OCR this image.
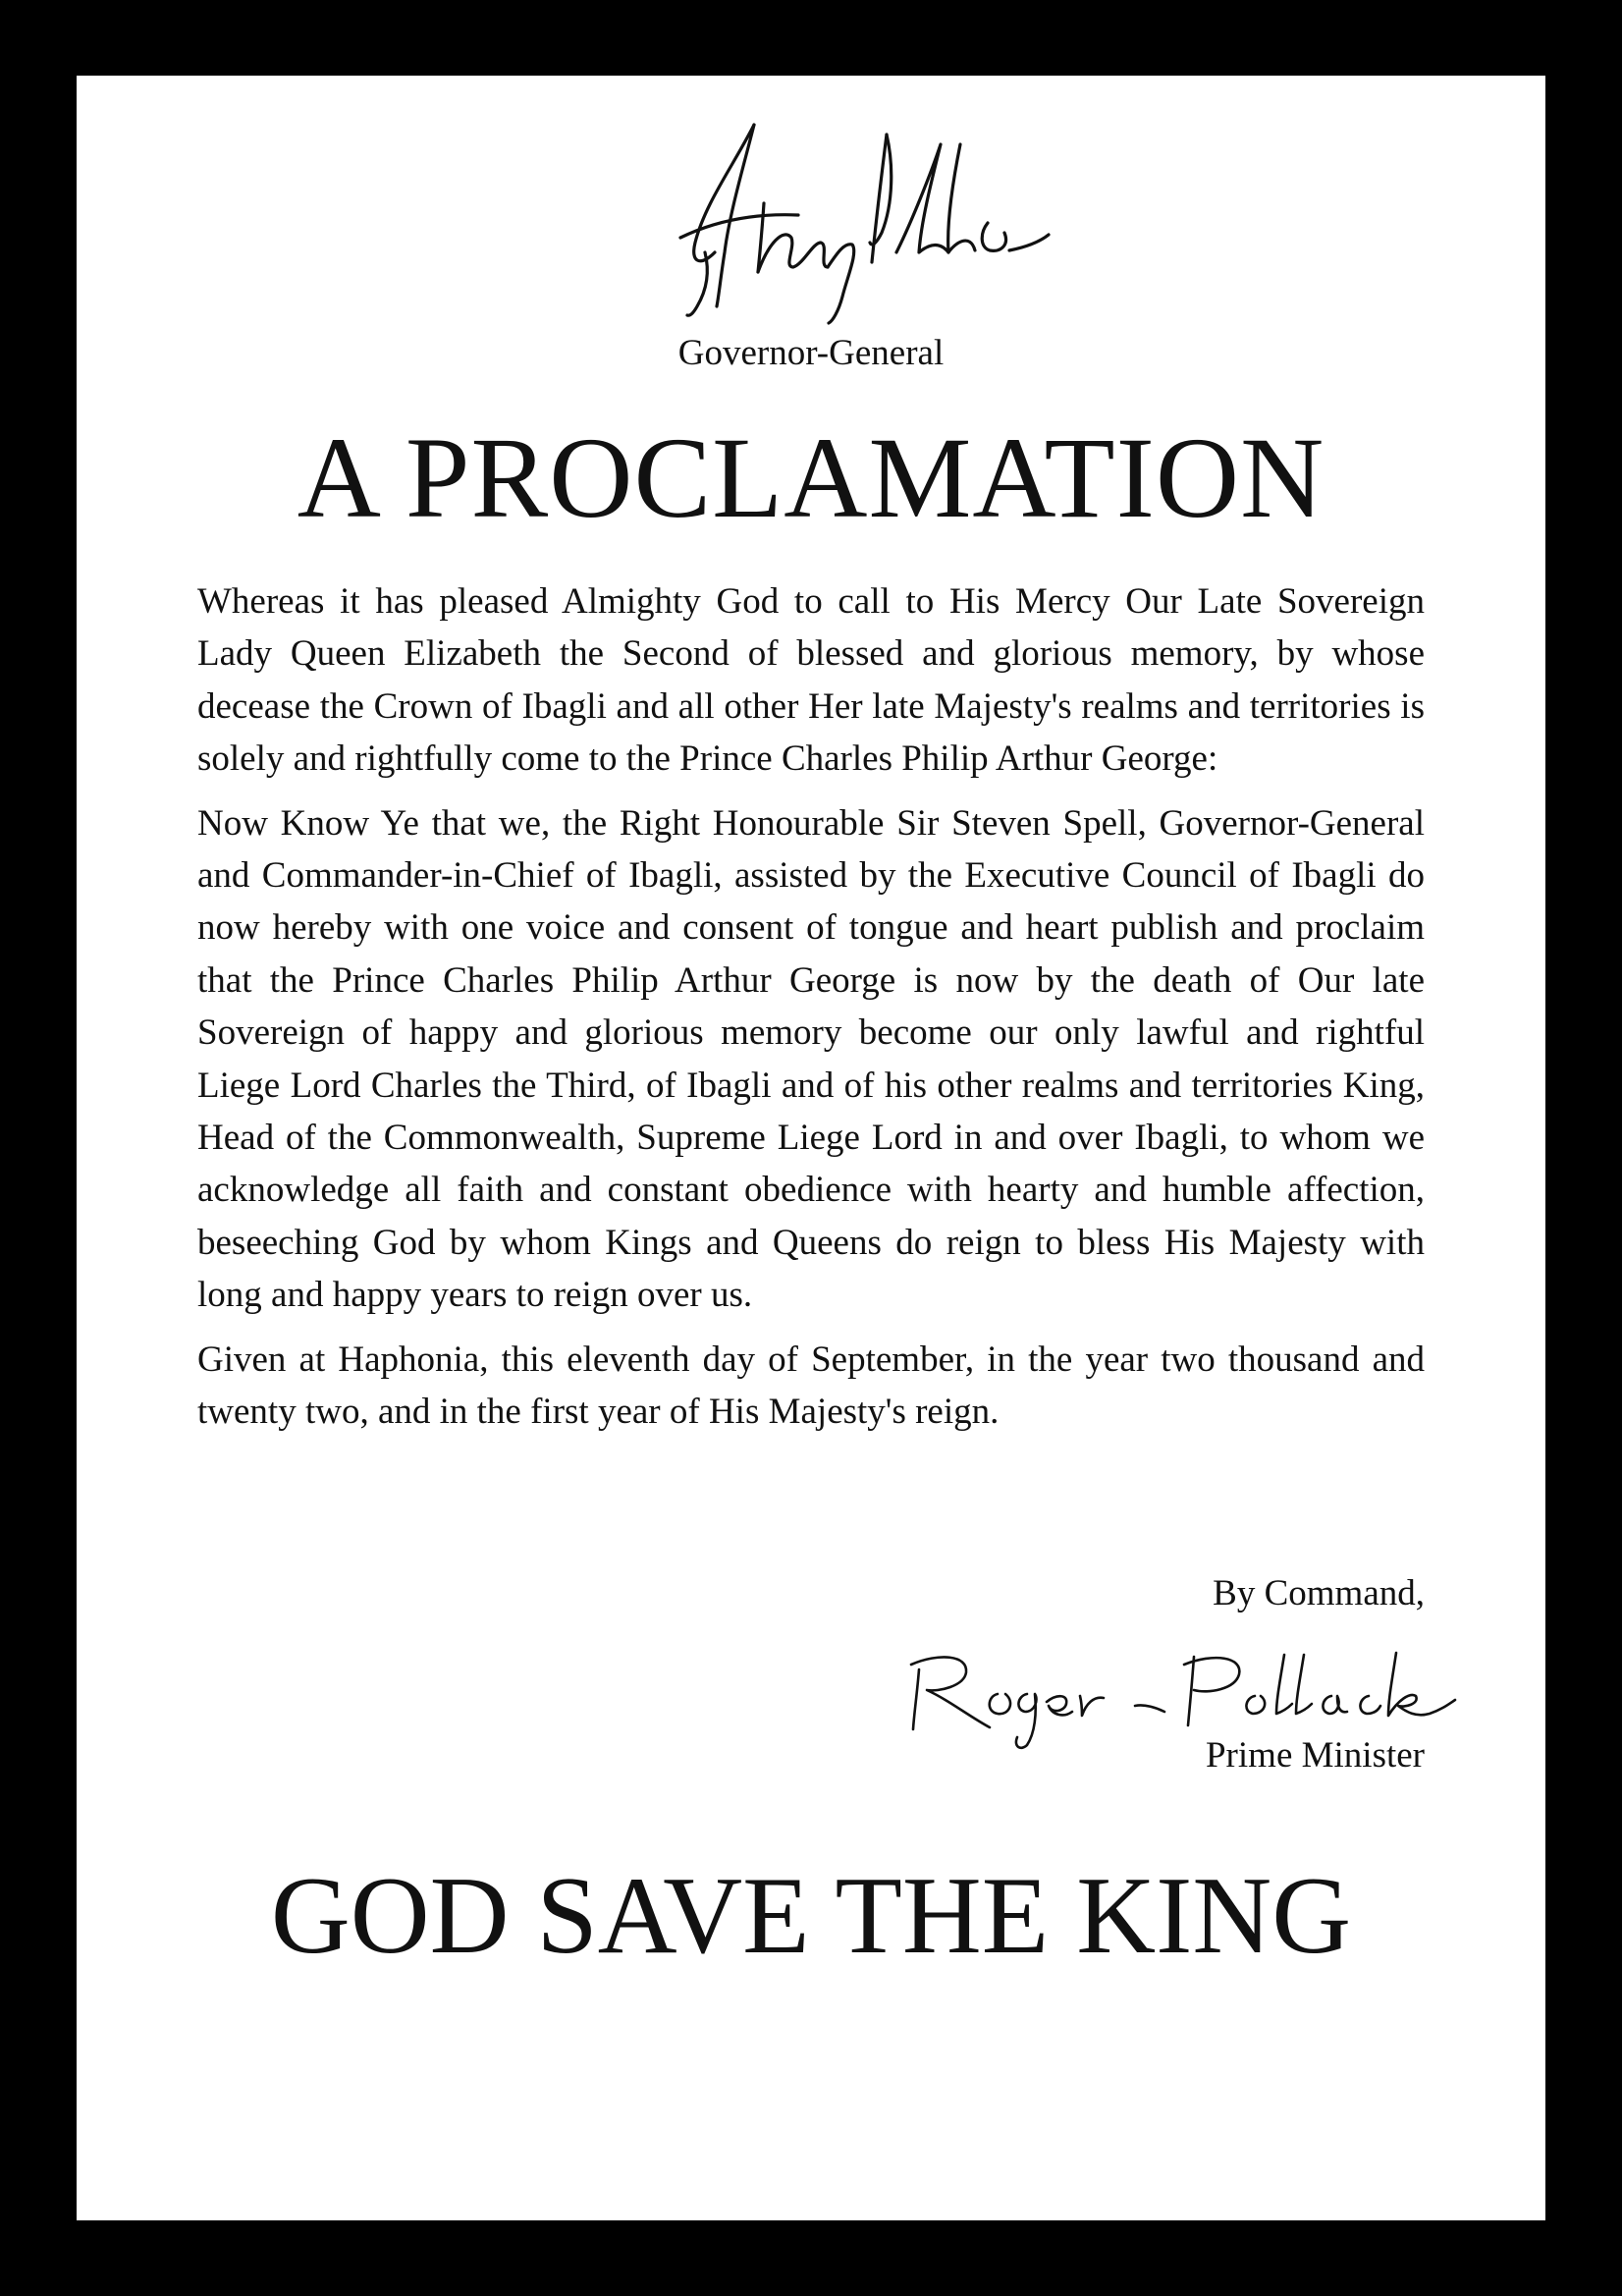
Governor-General
A PROCLAMATION

Whereas it has pleased Almighty God to call to His Mercy Our Late Sovereign Lady Queen Elizabeth the Second of blessed and glorious memory, by whose decease the Crown of Ibagli and all other Her late Majesty's realms and territories is solely and rightfully come to the Prince Charles Philip Arthur George:

Now Know Ye that we, the Right Honourable Sir Steven Spell, Governor-General and Commander-in-Chief of Ibagli, assisted by the Executive Council of Ibagli do now hereby with one voice and consent of tongue and heart publish and proclaim that the Prince Charles Philip Arthur George is now by the death of Our late Sovereign of happy and glorious memory become our only lawful and rightful Liege Lord Charles the Third, of Ibagli and of his other realms and territories King, Head of the Commonwealth, Supreme Liege Lord in and over Ibagli, to whom we acknowledge all faith and constant obedience with hearty and humble affection, beseeching God by whom Kings and Queens do reign to bless His Majesty with long and happy years to reign over us.

Given at Haphonia, this eleventh day of September, in the year two thousand and twenty two, and in the first year of His Majesty's reign.

By Command,
Prime Minister
GOD SAVE THE KING
